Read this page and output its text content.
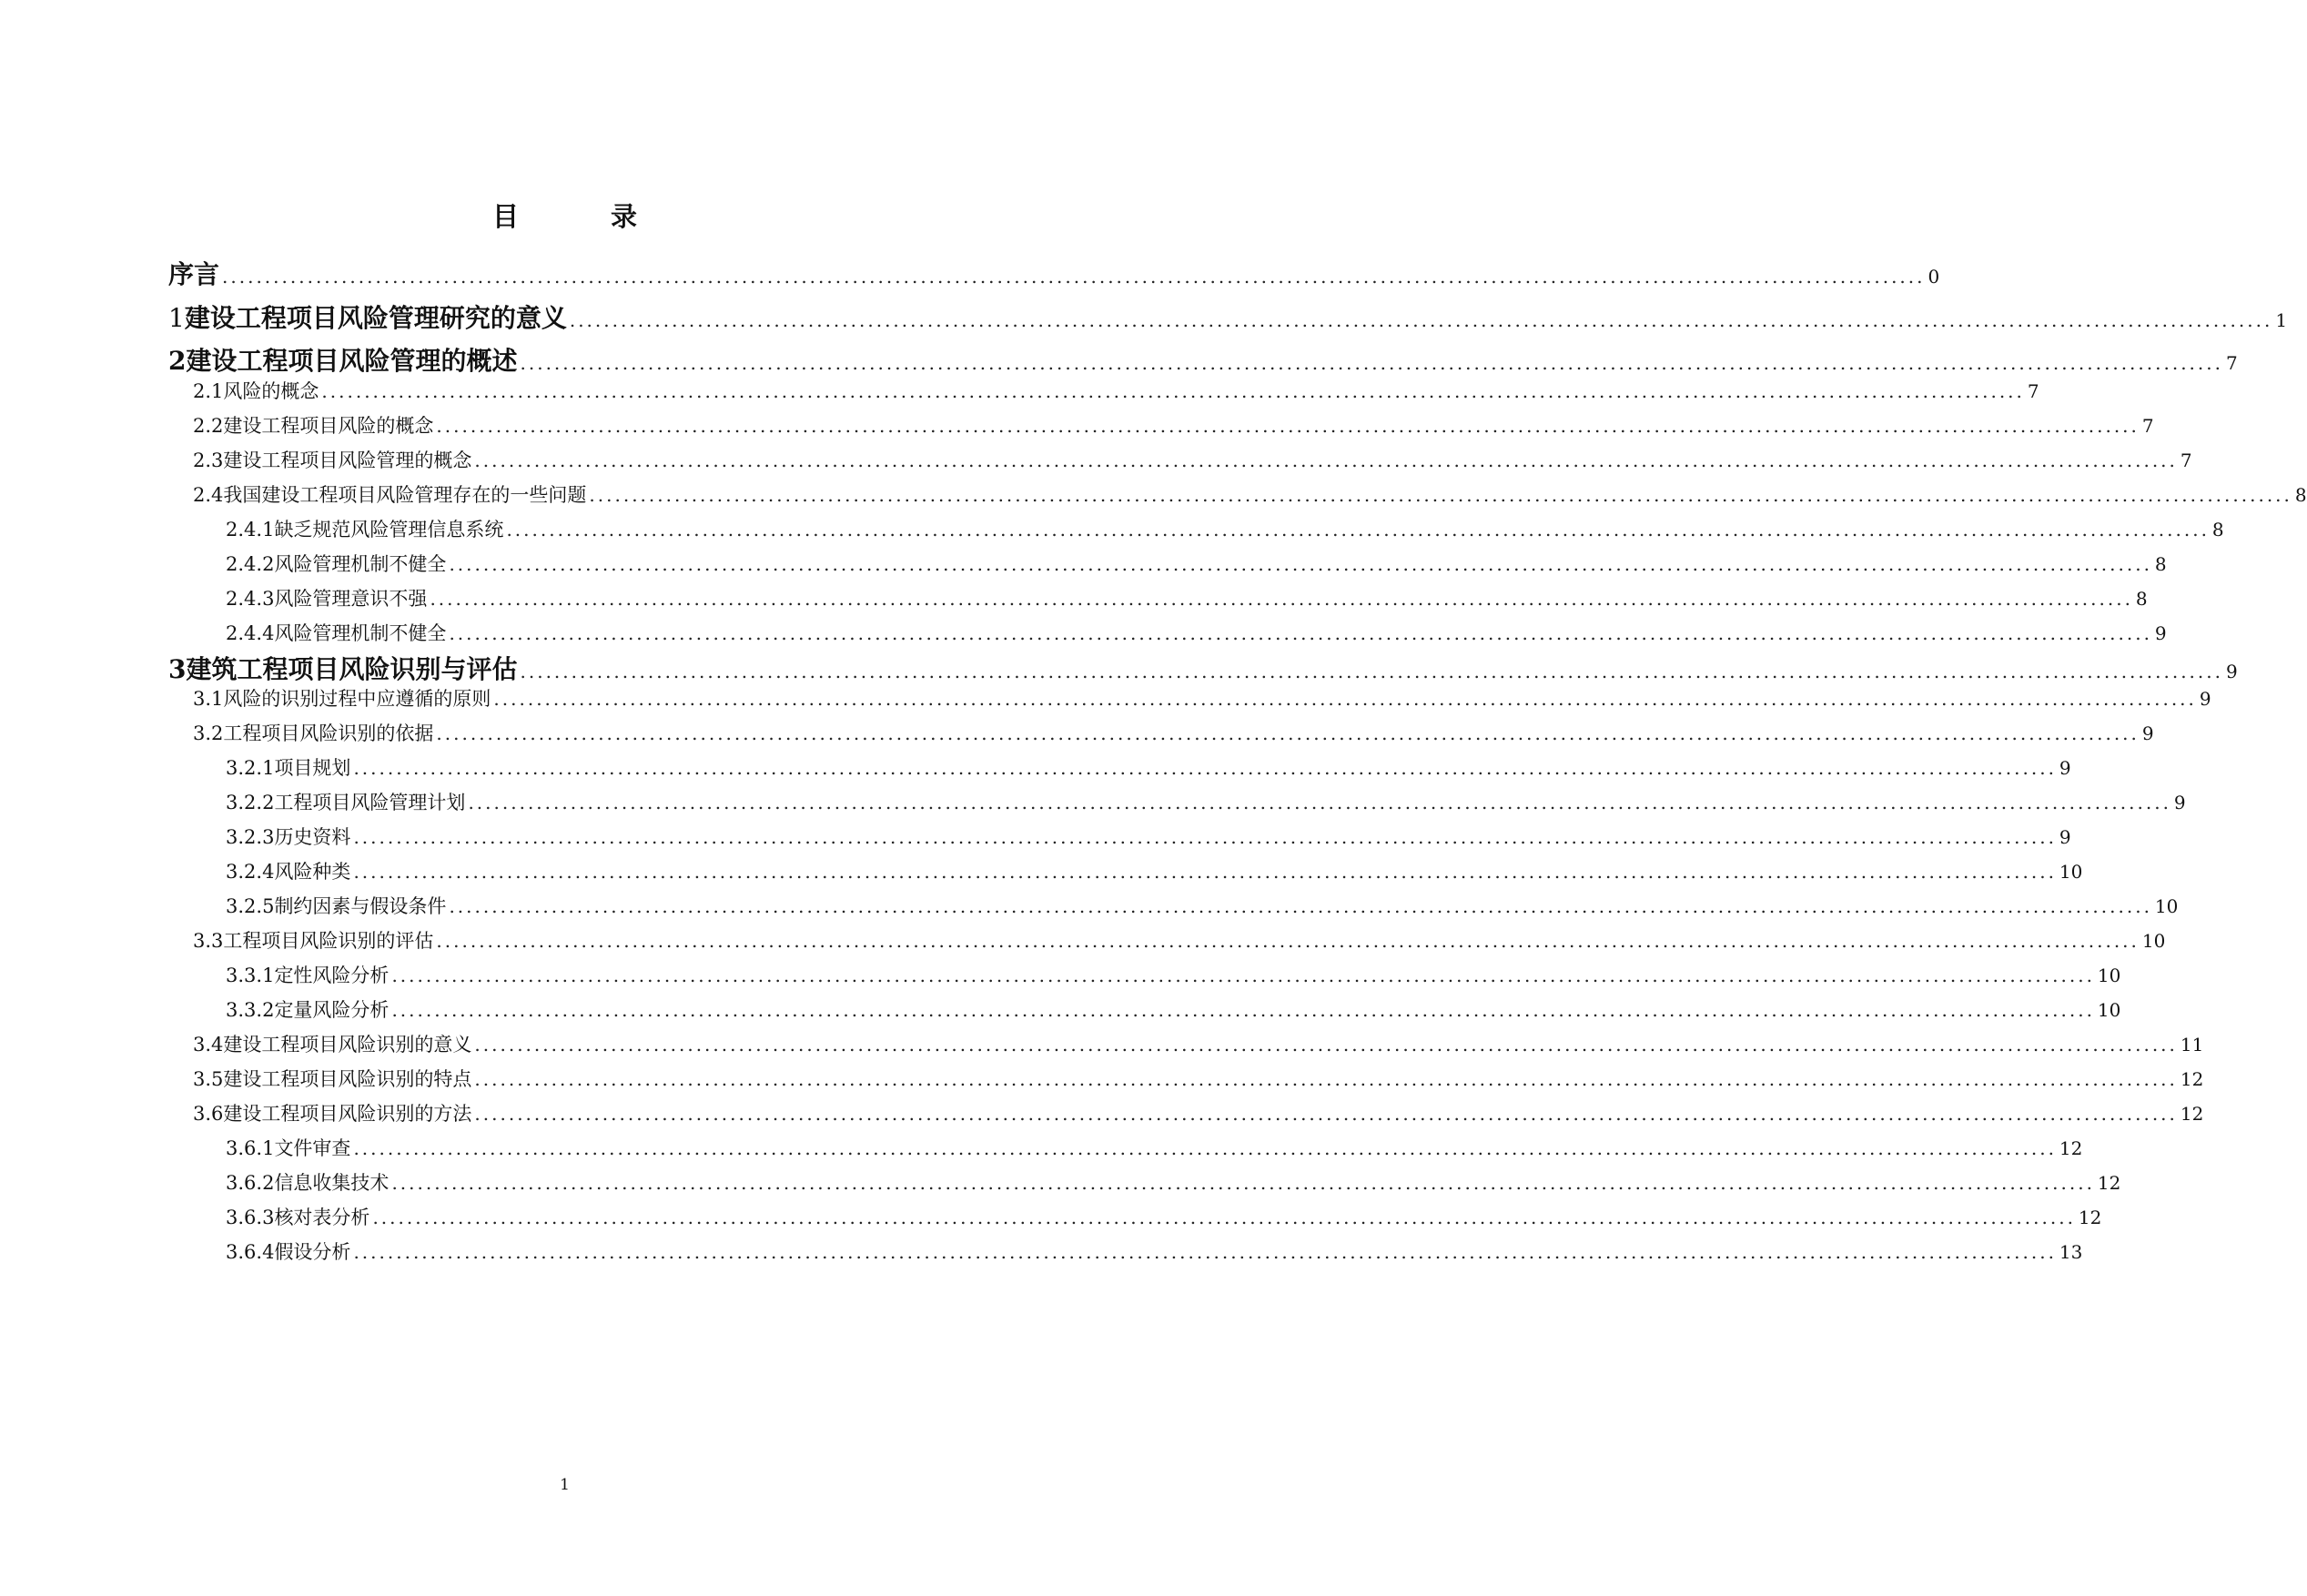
目　录
序言 ........................................................................................................................................................................................................ 0
1 建设工程项目风险管理研究的意义 ........................................................................................................................................................................................................ 1
2 建设工程项目风险管理的概述 ........................................................................................................................................................................................................ 7
2.1 风险的概念 ........................................................................................................................................................................................................ 7
2.2 建设工程项目风险的概念 ........................................................................................................................................................................................................ 7
2.3 建设工程项目风险管理的概念 ........................................................................................................................................................................................................ 7
2.4 我国建设工程项目风险管理存在的一些问题 ........................................................................................................................................................................................................ 8
2.4.1 缺乏规范风险管理信息系统 ........................................................................................................................................................................................................ 8
2.4.2 风险管理机制不健全 ........................................................................................................................................................................................................ 8
2.4.3 风险管理意识不强 ........................................................................................................................................................................................................ 8
2.4.4 风险管理机制不健全 ........................................................................................................................................................................................................ 9
3 建筑工程项目风险识别与评估 ........................................................................................................................................................................................................ 9
3.1 风险的识别过程中应遵循的原则 ........................................................................................................................................................................................................ 9
3.2 工程项目风险识别的依据 ........................................................................................................................................................................................................ 9
3.2.1 项目规划 ........................................................................................................................................................................................................ 9
3.2.2 工程项目风险管理计划 ........................................................................................................................................................................................................ 9
3.2.3 历史资料 ........................................................................................................................................................................................................ 9
3.2.4 风险种类 ........................................................................................................................................................................................................ 10
3.2.5 制约因素与假设条件 ........................................................................................................................................................................................................ 10
3.3 工程项目风险识别的评估 ........................................................................................................................................................................................................ 10
3.3.1 定性风险分析 ........................................................................................................................................................................................................ 10
3.3.2 定量风险分析 ........................................................................................................................................................................................................ 10
3.4 建设工程项目风险识别的意义 ........................................................................................................................................................................................................ 11
3.5 建设工程项目风险识别的特点 ........................................................................................................................................................................................................ 12
3.6 建设工程项目风险识别的方法 ........................................................................................................................................................................................................ 12
3.6.1 文件审查 ........................................................................................................................................................................................................ 12
3.6.2 信息收集技术 ........................................................................................................................................................................................................ 12
3.6.3 核对表分析 ........................................................................................................................................................................................................ 12
3.6.4 假设分析 ........................................................................................................................................................................................................ 13
1
